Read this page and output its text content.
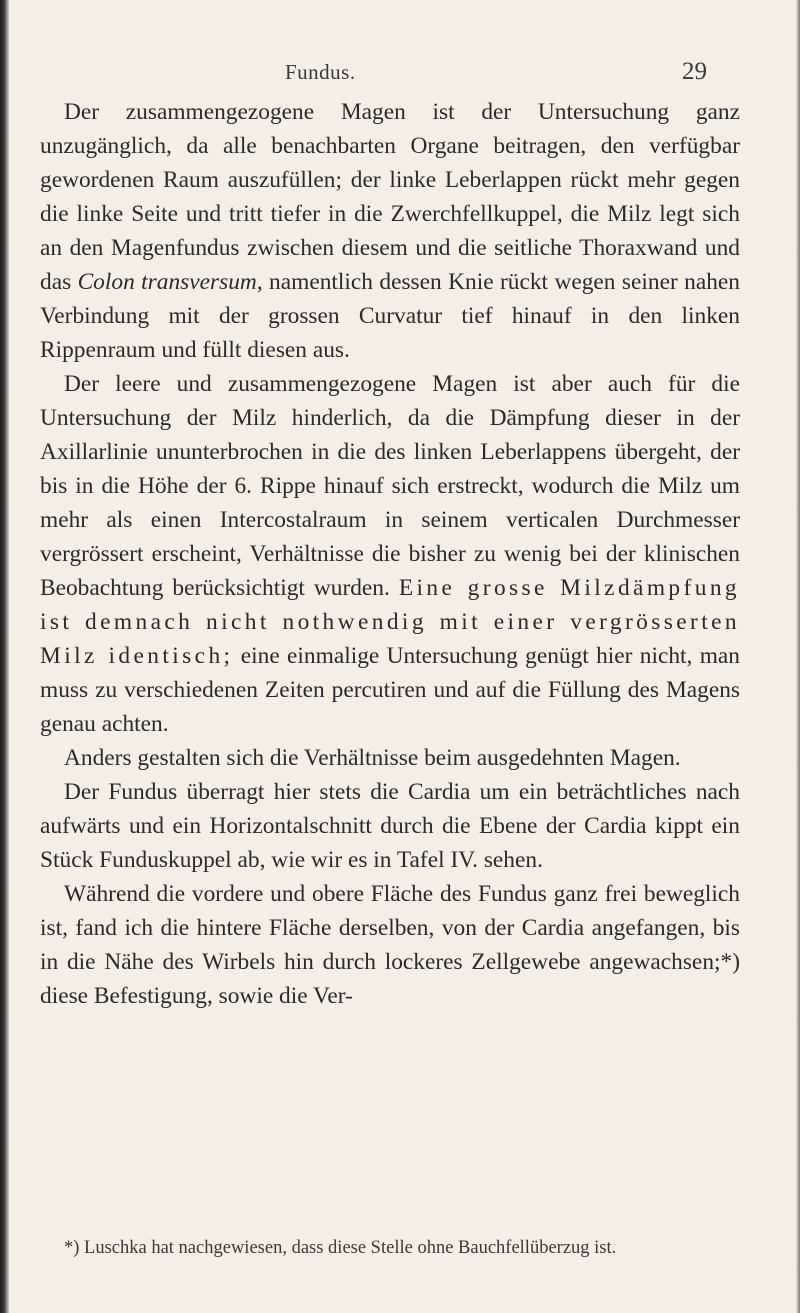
Fundus.	29

Der zusammengezogene Magen ist der Untersuchung ganz unzugänglich, da alle benachbarten Organe beitragen, den verfügbar gewordenen Raum auszufüllen; der linke Leberlappen rückt mehr gegen die linke Seite und tritt tiefer in die Zwerchfellkuppel, die Milz legt sich an den Magenfundus zwischen diesem und die seitliche Thoraxwand und das Colon transversum, namentlich dessen Knie rückt wegen seiner nahen Verbindung mit der grossen Curvatur tief hinauf in den linken Rippenraum und füllt diesen aus.

Der leere und zusammengezogene Magen ist aber auch für die Untersuchung der Milz hinderlich, da die Dämpfung dieser in der Axillarlinie ununterbrochen in die des linken Leberlappens übergeht, der bis in die Höhe der 6. Rippe hinauf sich erstreckt, wodurch die Milz um mehr als einen Intercostalraum in seinem verticalen Durchmesser vergrössert erscheint, Verhältnisse die bisher zu wenig bei der klinischen Beobachtung berücksichtigt wurden. Eine grosse Milzdämpfung ist demnach nicht nothwendig mit einer vergrösserten Milz identisch; eine einmalige Untersuchung genügt hier nicht, man muss zu verschiedenen Zeiten percutiren und auf die Füllung des Magens genau achten.

Anders gestalten sich die Verhältnisse beim ausgedehnten Magen.

Der Fundus überragt hier stets die Cardia um ein beträchtliches nach aufwärts und ein Horizontalschnitt durch die Ebene der Cardia kippt ein Stück Funduskuppel ab, wie wir es in Tafel IV. sehen.

Während die vordere und obere Fläche des Fundus ganz frei beweglich ist, fand ich die hintere Fläche derselben, von der Cardia angefangen, bis in die Nähe des Wirbels hin durch lockeres Zellgewebe angewachsen;*) diese Befestigung, sowie die Ver-

*) Luschka hat nachgewiesen, dass diese Stelle ohne Bauchfellüberzug ist.
